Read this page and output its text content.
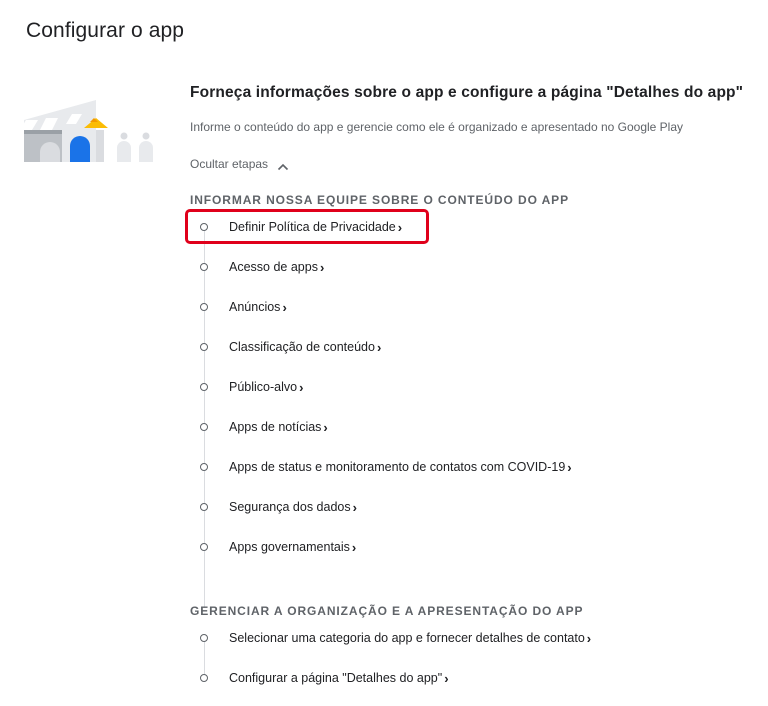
Configurar o app
Forneça informações sobre o app e configure a página "Detalhes do app"
Informe o conteúdo do app e gerencie como ele é organizado e apresentado no Google Play
Ocultar etapas
INFORMAR NOSSA EQUIPE SOBRE O CONTEÚDO DO APP
Definir Política de Privacidade ›
Acesso de apps ›
Anúncios ›
Classificação de conteúdo ›
Público-alvo ›
Apps de notícias ›
Apps de status e monitoramento de contatos com COVID-19 ›
Segurança dos dados ›
Apps governamentais ›
GERENCIAR A ORGANIZAÇÃO E A APRESENTAÇÃO DO APP
Selecionar uma categoria do app e fornecer detalhes de contato ›
Configurar a página "Detalhes do app" ›
